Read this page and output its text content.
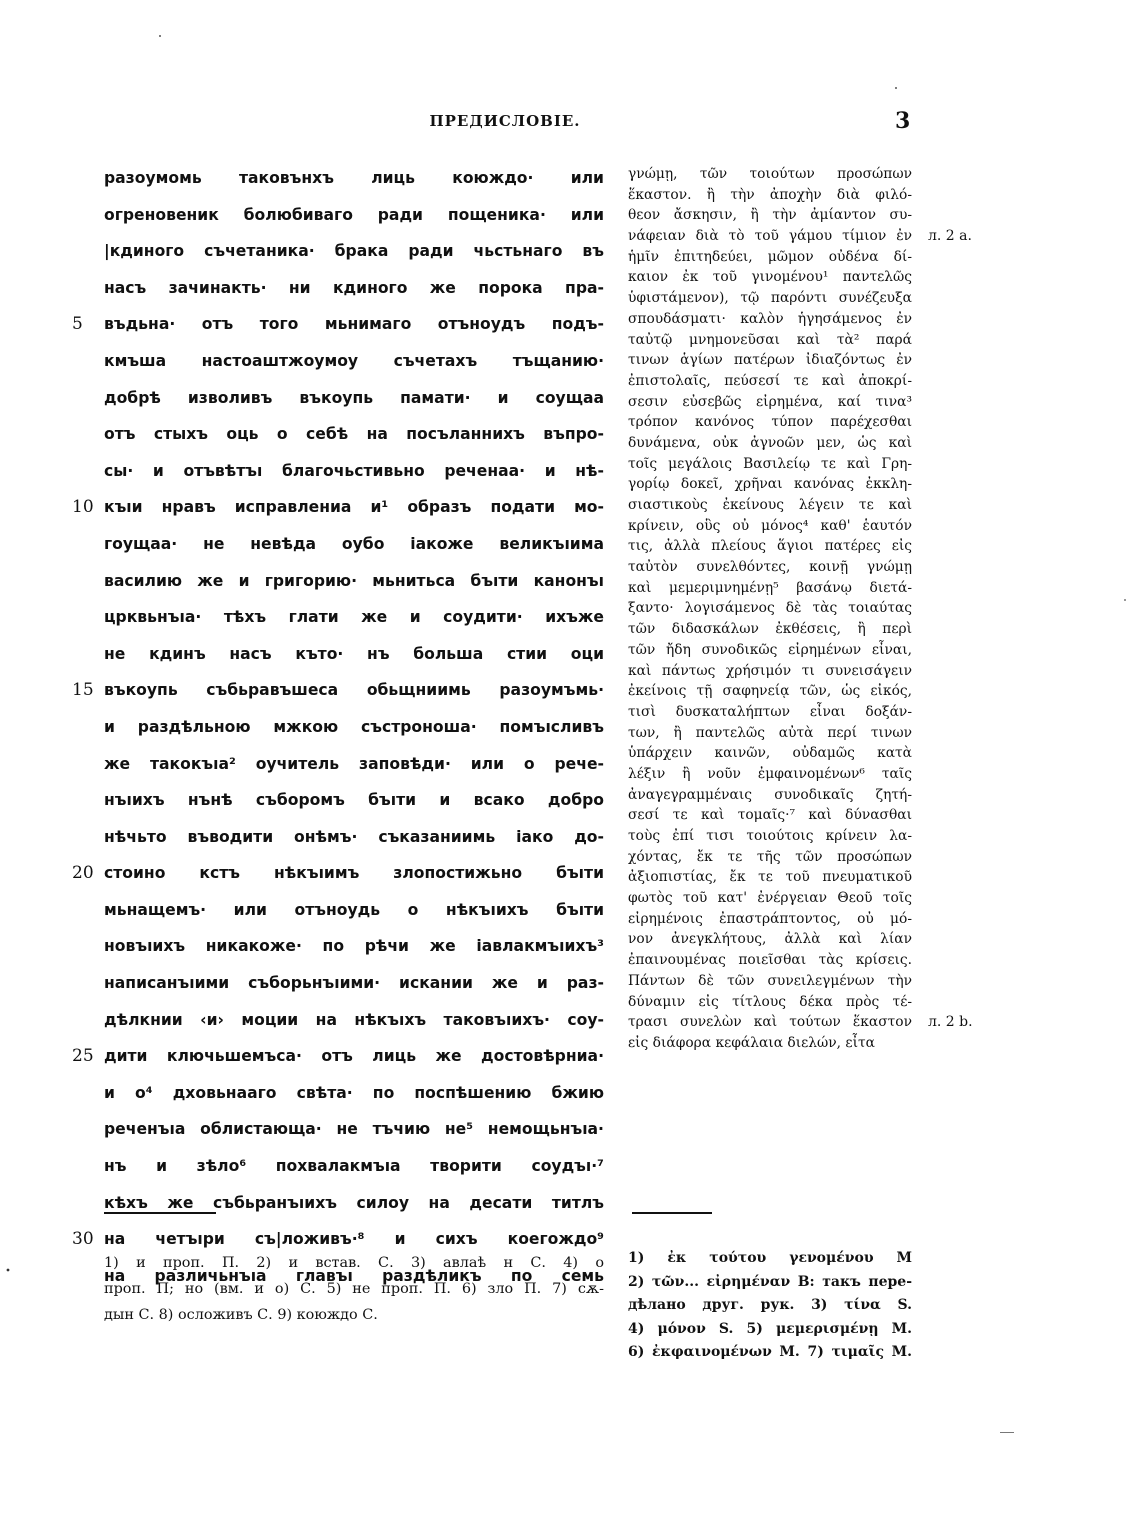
ПРЕДИСЛОВІЕ.	3
разоумомь таковънхъ лиць коюждо· или
огреновеник болюбиваго ради пощеника· или
|кдиного съчетаника· брака ради чьстьнаго въ
насъ зачинакть· ни кдиного же порока пра-
5	въдьна· отъ того мьнимаго отъноудъ подъ-
кмъша настоаштжоумоу съчетахъ тъщанию·
добрѣ изволивъ въкоупь памати· и соущаа
отъ стыхъ оць о себѣ на посъланнихъ въпро-
сы· и отъвѣтъı благочьстивьно реченаа· и нѣ-
10 къıи нравъ исправлениа и¹ образъ подати мо-
гоущаа· не невѣда оубо iакоже великъıима
василию же и григорию· мьнитьса бъıти канонъı
црквьнъıа· тѣхъ глати же и соудити· ихъже
не кдинъ насъ къто· нъ больша стии оци
15 въкоупь събьравъшеса обьщниимь разоумъмь·
и раздѣльною мжкою състроноша· помъıсливъ
же такокъıа² оучитель заповѣди· или о рече-
нъıихъ нънѣ съборомъ бъıти и всако добро
нѣчьто въводити онѣмъ· съказаниимь iако до-
20 стоино кстъ нѣкъıимъ злопостижьно бъıти
мьнащемъ· или отъноудь о нѣкъıихъ бъıти
новъıихъ никакоже· по рѣчи же iавлакмъıихъ³
написанъıими съборьнъıими· искании же и раз-
дѣлкнии ‹и› моции на нѣкъıхъ таковъıихъ· соу-
25 дити ключьшемъса· отъ лиць же достовѣрниа·
и о⁴ дховьнааго свѣта· по поспѣшению бжию
реченъıа облистающа· не тъчию не⁵ немощьнъıа·
нъ и зѣло⁶ похвалакмъıа творити соудъı·⁷
кѣхъ же събьранъıихъ силоу на десати титлъ
30 на четъıри съ|ложивъ·⁸ и сихъ коегождо⁹
на различьнъıа главъı раздѣликъ по семь
γνώμῃ, τῶν τοιούτων προσώπων
ἕκαστον. ἢ τὴν ἀποχὴν διὰ φιλό-
θεον ἄσκησιν, ἢ τὴν ἀμίαντον συ-
νάφειαν διὰ τὸ τοῦ γάμου τίμιον ἐν л. 2 а.
ἡμῖν ἐπιτηδεύει, μῶμον οὐδένα δί-
καιον ἐκ τοῦ γινομένου¹ παντελῶς
ὑφιστάμενον), τῷ παρόντι συνέζευξα
σπουδάσματι· καλὸν ἡγησάμενος ἐν
ταὐτῷ μνημονεῦσαι καὶ τὰ² παρά
τινων ἁγίων πατέρων ἰδιαζόντως ἐν
ἐπιστολαῖς, πεύσεσί τε καὶ ἀποκρί-
σεσιν εὐσεβῶς εἰρημένα, καί τινα³
τρόπον κανόνος τύπον παρέχεσθαι
δυνάμενα, οὐκ ἀγνοῶν μεν, ὡς καὶ
τοῖς μεγάλοις Βασιλείῳ τε καὶ Γρη-
γορίῳ δοκεῖ, χρῆναι κανόνας ἐκκλη-
σιαστικοὺς ἐκείνους λέγειν τε καὶ
κρίνειν, οὓς οὐ μόνος⁴ καθ' ἑαυτόν
τις, ἀλλὰ πλείους ἅγιοι πατέρες εἰς
ταὐτὸν συνελθόντες, κοινῇ γνώμῃ
καὶ μεμεριμνημένῃ⁵ βασάνῳ διετά-
ξαντο· λογισάμενος δὲ τὰς τοιαύτας
τῶν διδασκάλων ἐκθέσεις, ἢ περὶ
τῶν ἤδη συνοδικῶς εἰρημένων εἶναι,
καὶ πάντως χρήσιμόν τι συνεισάγειν
ἐκείνοις τῇ σαφηνείᾳ τῶν, ὡς εἰκός,
τισὶ δυσκαταλήπτων εἶναι δοξάν-
των, ἢ παντελῶς αὐτὰ περί τινων
ὑπάρχειν καινῶν, οὐδαμῶς κατὰ
λέξιν ἢ νοῦν ἐμφαινομένων⁶ ταῖς
ἀναγεγραμμέναις συνοδικαῖς ζητή-
σεσί τε καὶ τομαῖς·⁷ καὶ δύνασθαι
τοὺς ἐπί τισι τοιούτοις κρίνειν λα-
χόντας, ἔκ τε τῆς τῶν προσώπων
ἀξιοπιστίας, ἔκ τε τοῦ πνευματικοῦ
φωτὸς τοῦ κατ' ἐνέργειαν Θεοῦ τοῖς
εἰρημένοις ἐπαστράπτοντος, οὐ μό-
νον ἀνεγκλήτους, ἀλλὰ καὶ λίαν
ἐπαινουμένας ποιεῖσθαι τὰς κρίσεις.
Πάντων δὲ τῶν συνειλεγμένων τὴν
δύναμιν εἰς τίτλους δέκα πρὸς τέ-
τρασι συνελὼν καὶ τούτων ἕκαστον л. 2 b.
εἰς διάφορα κεφάλαια διελών, εἶτα
1) и проп. П. 2) и встав. С. 3) авлаѣ н С. 4) о
проп. П; но (вм. и о) С. 5) не проп. П. 6) зло П. 7) сѫ-
дын С. 8) осложивъ С. 9) коюждо С.
1) ἐκ τούτου γενομένου M
2) τῶν... εἰρημέναν B: такъ пере-
дѣлано друг. рук. 3) τίνα S.
4) μόνον S. 5) μεμερισμένῃ M.
6) ἐκφαινομένων M. 7) τιμαῖς M.
